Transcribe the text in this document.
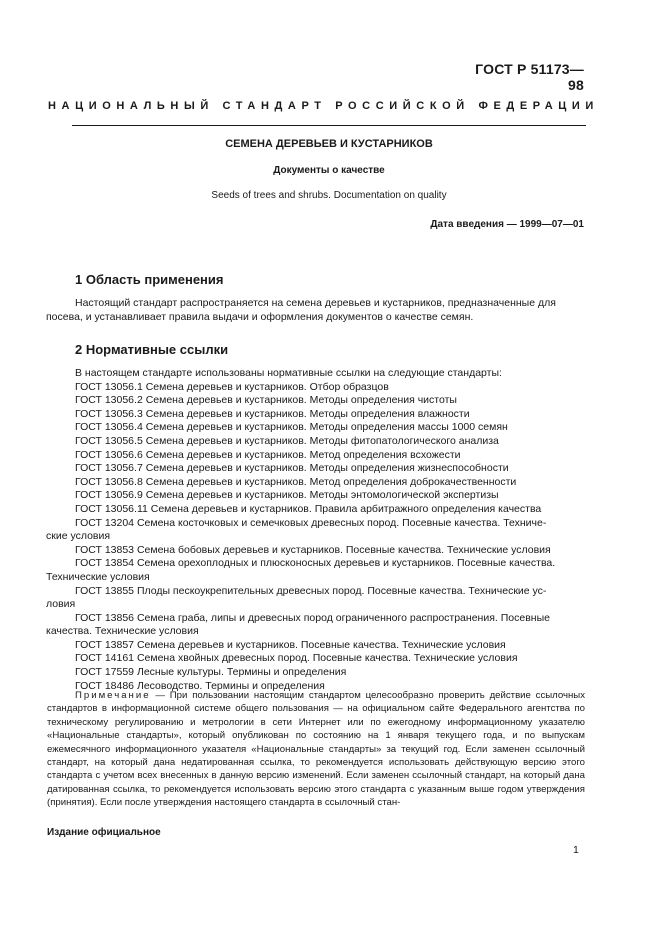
ГОСТ Р 51173—98
НАЦИОНАЛЬНЫЙ СТАНДАРТ РОССИЙСКОЙ ФЕДЕРАЦИИ
СЕМЕНА ДЕРЕВЬЕВ И КУСТАРНИКОВ
Документы о качестве
Seeds of trees and shrubs. Documentation on quality
Дата введения — 1999—07—01
1 Область применения
Настоящий стандарт распространяется на семена деревьев и кустарников, предназначенные для
посева, и устанавливает правила выдачи и оформления документов о качестве семян.
2 Нормативные ссылки
В настоящем стандарте использованы нормативные ссылки на следующие стандарты:
ГОСТ 13056.1 Семена деревьев и кустарников. Отбор образцов
ГОСТ 13056.2 Семена деревьев и кустарников. Методы определения чистоты
ГОСТ 13056.3 Семена деревьев и кустарников. Методы определения влажности
ГОСТ 13056.4 Семена деревьев и кустарников. Методы определения массы 1000 семян
ГОСТ 13056.5 Семена деревьев и кустарников. Методы фитопатологического анализа
ГОСТ 13056.6 Семена деревьев и кустарников. Метод определения всхожести
ГОСТ 13056.7 Семена деревьев и кустарников. Методы определения жизнеспособности
ГОСТ 13056.8 Семена деревьев и кустарников. Метод определения доброкачественности
ГОСТ 13056.9 Семена деревьев и кустарников. Методы энтомологической экспертизы
ГОСТ 13056.11 Семена деревьев и кустарников. Правила арбитражного определения качества
ГОСТ 13204 Семена косточковых и семечковых древесных пород. Посевные качества. Техниче-
ские условия
ГОСТ 13853 Семена бобовых деревьев и кустарников. Посевные качества. Технические условия
ГОСТ 13854 Семена орехоплодных и плюсконосных деревьев и кустарников. Посевные качества.
Технические условия
ГОСТ 13855 Плоды пескоукрепительных древесных пород. Посевные качества. Технические ус-
ловия
ГОСТ 13856 Семена граба, липы и древесных пород ограниченного распространения. Посевные
качества. Технические условия
ГОСТ 13857 Семена деревьев и кустарников. Посевные качества. Технические условия
ГОСТ 14161 Семена хвойных древесных пород. Посевные качества. Технические условия
ГОСТ 17559 Лесные культуры. Термины и определения
ГОСТ 18486 Лесоводство. Термины и определения
Примечание — При пользовании настоящим стандартом целесообразно проверить действие ссылочных стандартов в информационной системе общего пользования — на официальном сайте Федерального агентства по техническому регулированию и метрологии в сети Интернет или по ежегодному информационному указателю «Национальные стандарты», который опубликован по состоянию на 1 января текущего года, и по выпускам ежемесячного информационного указателя «Национальные стандарты» за текущий год. Если заменен ссылочный стандарт, на который дана недатированная ссылка, то рекомендуется использовать действующую версию этого стандарта с учетом всех внесенных в данную версию изменений. Если заменен ссылочный стандарт, на который дана датированная ссылка, то рекомендуется использовать версию этого стандарта с указанным выше годом утверждения (принятия). Если после утверждения настоящего стандарта в ссылочный стан-
Издание официальное
1
